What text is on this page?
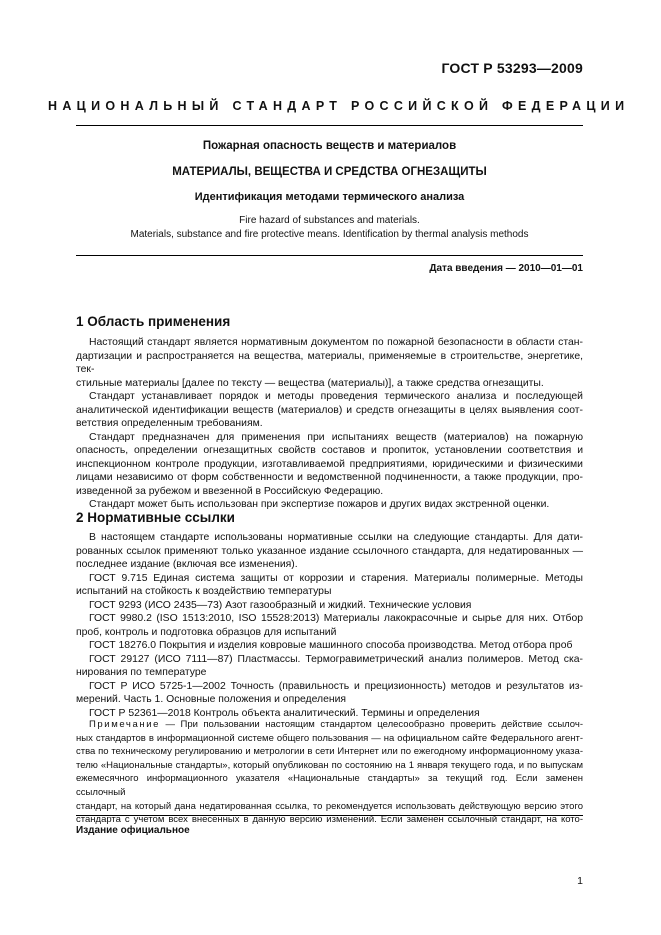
ГОСТ Р 53293—2009
НАЦИОНАЛЬНЫЙ СТАНДАРТ РОССИЙСКОЙ ФЕДЕРАЦИИ
Пожарная опасность веществ и материалов
МАТЕРИАЛЫ, ВЕЩЕСТВА И СРЕДСТВА ОГНЕЗАЩИТЫ
Идентификация методами термического анализа
Fire hazard of substances and materials.
Materials, substance and fire protective means. Identification by thermal analysis methods
Дата введения — 2010—01—01
1 Область применения
Настоящий стандарт является нормативным документом по пожарной безопасности в области стан-
дартизации и распространяется на вещества, материалы, применяемые в строительстве, энергетике, тек-
стильные материалы [далее по тексту — вещества (материалы)], а также средства огнезащиты.
Стандарт устанавливает порядок и методы проведения термического анализа и последующей
аналитической идентификации веществ (материалов) и средств огнезащиты в целях выявления соот-
ветствия определенным требованиям.
Стандарт предназначен для применения при испытаниях веществ (материалов) на пожарную
опасность, определении огнезащитных свойств составов и пропиток, установлении соответствия и
инспекционном контроле продукции, изготавливаемой предприятиями, юридическими и физическими
лицами независимо от форм собственности и ведомственной подчиненности, а также продукции, про-
изведенной за рубежом и ввезенной в Российскую Федерацию.
Стандарт может быть использован при экспертизе пожаров и других видах экстренной оценки.
2 Нормативные ссылки
В настоящем стандарте использованы нормативные ссылки на следующие стандарты. Для дати-
рованных ссылок применяют только указанное издание ссылочного стандарта, для недатированных —
последнее издание (включая все изменения).
ГОСТ 9.715 Единая система защиты от коррозии и старения. Материалы полимерные. Методы
испытаний на стойкость к воздействию температуры
ГОСТ 9293 (ИСО 2435—73) Азот газообразный и жидкий. Технические условия
ГОСТ 9980.2 (ISO 1513:2010, ISO 15528:2013) Материалы лакокрасочные и сырье для них. Отбор
проб, контроль и подготовка образцов для испытаний
ГОСТ 18276.0 Покрытия и изделия ковровые машинного способа производства. Метод отбора проб
ГОСТ 29127 (ИСО 7111—87) Пластмассы. Термогравиметрический анализ полимеров. Метод ска-
нирования по температуре
ГОСТ Р ИСО 5725-1—2002 Точность (правильность и прецизионность) методов и результатов из-
мерений. Часть 1. Основные положения и определения
ГОСТ Р 52361—2018 Контроль объекта аналитический. Термины и определения
Примечание — При пользовании настоящим стандартом целесообразно проверить действие ссылоч-
ных стандартов в информационной системе общего пользования — на официальном сайте Федерального агент-
ства по техническому регулированию и метрологии в сети Интернет или по ежегодному информационному указа-
телю «Национальные стандарты», который опубликован по состоянию на 1 января текущего года, и по выпускам
ежемесячного информационного указателя «Национальные стандарты» за текущий год. Если заменен ссылочный
стандарт, на который дана недатированная ссылка, то рекомендуется использовать действующую версию этого
стандарта с учетом всех внесенных в данную версию изменений. Если заменен ссылочный стандарт, на кото-
Издание официальное
1
